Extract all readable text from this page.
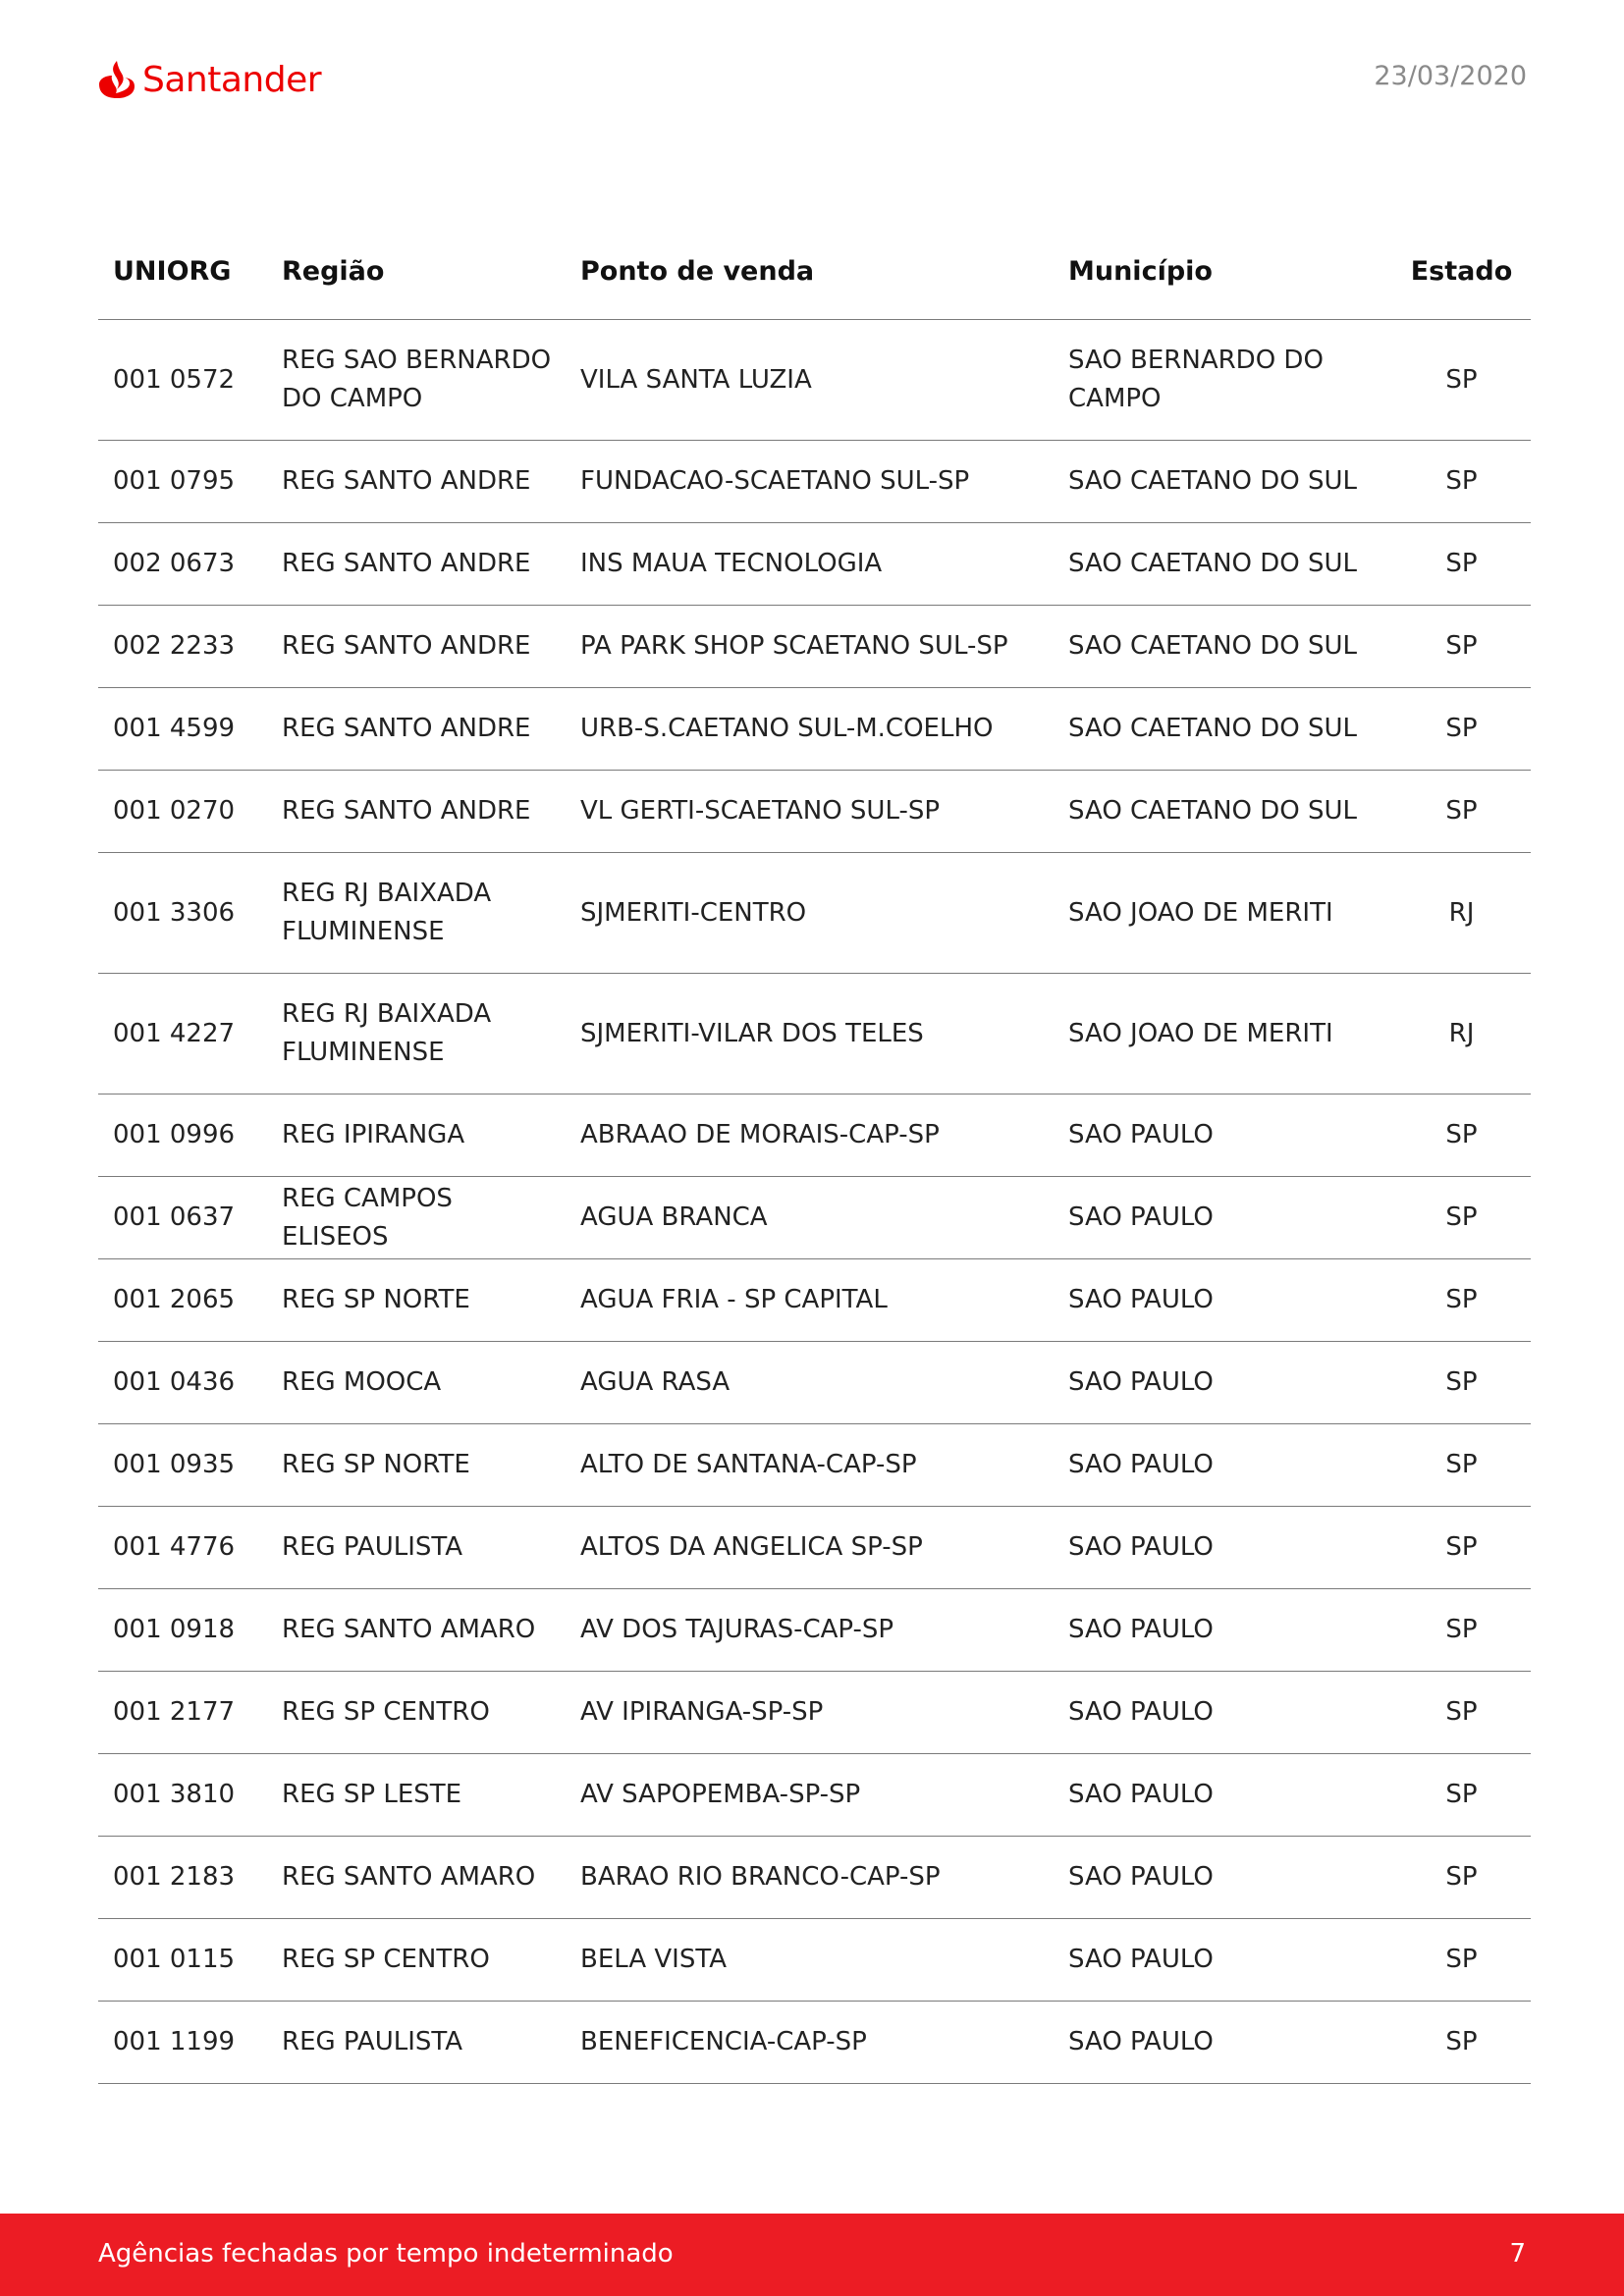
Santander	23/03/2020
UNIORG	Região	Ponto de venda	Município	Estado
001 0572	REG SAO BERNARDO DO CAMPO	VILA SANTA LUZIA	SAO BERNARDO DO CAMPO	SP
001 0795	REG SANTO ANDRE	FUNDACAO-SCAETANO SUL-SP	SAO CAETANO DO SUL	SP
002 0673	REG SANTO ANDRE	INS MAUA TECNOLOGIA	SAO CAETANO DO SUL	SP
002 2233	REG SANTO ANDRE	PA PARK SHOP SCAETANO SUL-SP	SAO CAETANO DO SUL	SP
001 4599	REG SANTO ANDRE	URB-S.CAETANO SUL-M.COELHO	SAO CAETANO DO SUL	SP
001 0270	REG SANTO ANDRE	VL GERTI-SCAETANO SUL-SP	SAO CAETANO DO SUL	SP
001 3306	REG RJ BAIXADA FLUMINENSE	SJMERITI-CENTRO	SAO JOAO DE MERITI	RJ
001 4227	REG RJ BAIXADA FLUMINENSE	SJMERITI-VILAR DOS TELES	SAO JOAO DE MERITI	RJ
001 0996	REG IPIRANGA	ABRAAO DE MORAIS-CAP-SP	SAO PAULO	SP
001 0637	REG CAMPOS ELISEOS	AGUA BRANCA	SAO PAULO	SP
001 2065	REG SP NORTE	AGUA FRIA - SP CAPITAL	SAO PAULO	SP
001 0436	REG MOOCA	AGUA RASA	SAO PAULO	SP
001 0935	REG SP NORTE	ALTO DE SANTANA-CAP-SP	SAO PAULO	SP
001 4776	REG PAULISTA	ALTOS DA ANGELICA SP-SP	SAO PAULO	SP
001 0918	REG SANTO AMARO	AV DOS TAJURAS-CAP-SP	SAO PAULO	SP
001 2177	REG SP CENTRO	AV IPIRANGA-SP-SP	SAO PAULO	SP
001 3810	REG SP LESTE	AV SAPOPEMBA-SP-SP	SAO PAULO	SP
001 2183	REG SANTO AMARO	BARAO RIO BRANCO-CAP-SP	SAO PAULO	SP
001 0115	REG SP CENTRO	BELA VISTA	SAO PAULO	SP
001 1199	REG PAULISTA	BENEFICENCIA-CAP-SP	SAO PAULO	SP
Agências fechadas por tempo indeterminado	7
